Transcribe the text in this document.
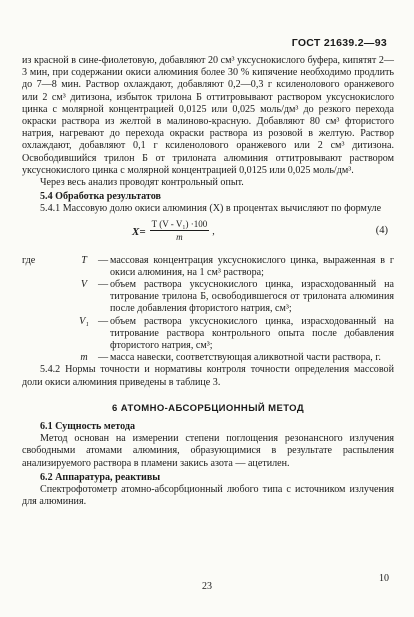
ГОСТ 21639.2—93

из красной в сине-фиолетовую, добавляют 20 см³ уксуснокислого буфера, кипятят 2—3 мин, при содержании окиси алюминия более 30 % кипячение необходимо продлить до 7—8 мин. Раствор охлаждают, добавляют 0,2—0,3 г ксиленолового оранжевого или 2 см³ дитизона, избыток трилона Б оттитровывают раствором уксуснокислого цинка с молярной концентрацией 0,0125 или 0,025 моль/дм³ до резкого перехода окраски раствора из желтой в малиново-красную. Добавляют 80 см³ фтористого натрия, нагревают до перехода окраски раствора из розовой в желтую. Раствор охлаждают, добавляют 0,1 г ксиленолового оранжевого или 2 см³ дитизона. Освободившийся трилон Б от трилоната алюминия оттитровывают раствором уксуснокислого цинка с молярной концентрацией 0,0125 или 0,025 моль/дм³.

Через весь анализ проводят контрольный опыт.

5.4 Обработка результатов

5.4.1 Массовую долю окиси алюминия (X) в процентах вычисляют по формуле

$X= \frac{\text{T (V - V₁) ·100}}{m}$ ,	(4)
где	T	— массовая концентрация уксуснокислого цинка, выраженная в г окиси алюминия, на 1 см³ раствора;
V	— объем раствора уксуснокислого цинка, израсходованный на титрование трилона Б, освободившегося от трилоната алюминия после добавления фтористого натрия, см³;
V₁ — объем раствора уксуснокислого цинка, израсходованный на титрование раствора контрольного опыта после добавления фтористого натрия, см³;
m	— масса навески, соответствующая аликвотной части раствора, г.

5.4.2 Нормы точности и нормативы контроля точности определения массовой доли окиси алюминия приведены в таблице 3.

6 АТОМНО-АБСОРБЦИОННЫЙ МЕТОД

6.1 Сущность метода

Метод основан на измерении степени поглощения резонансного излучения свободными атомами алюминия, образующимися в результате распыления анализируемого раствора в пламени закись азота — ацетилен.

6.2 Аппаратура, реактивы

Спектрофотометр атомно-абсорбционный любого типа с источником излучения для алюминия.

23
10
